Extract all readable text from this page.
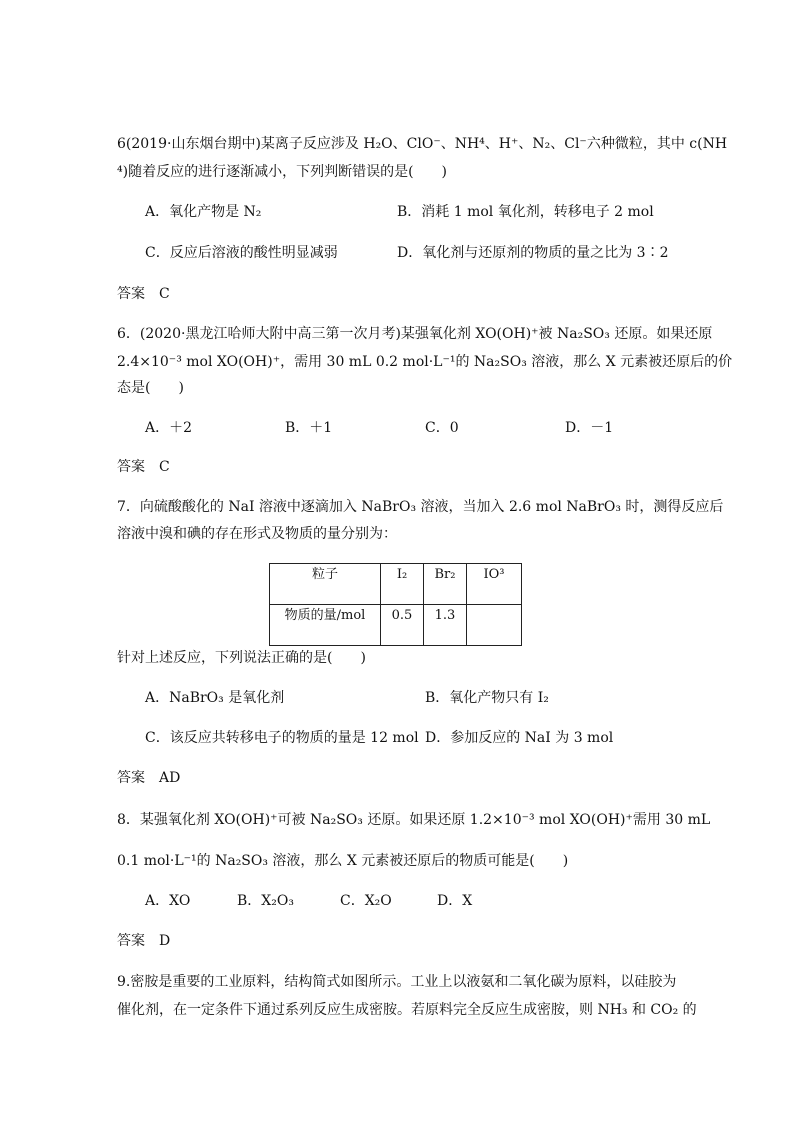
6(2019·山东烟台期中)某离子反应涉及 H₂O、ClO⁻、NH⁴、H⁺、N₂、Cl⁻六种微粒，其中 c(NH
⁴)随着反应的进行逐渐减小，下列判断错误的是(　　)
A．氧化产物是 N₂	B．消耗 1 mol 氧化剂，转移电子 2 mol
C．反应后溶液的酸性明显减弱	D．氧化剂与还原剂的物质的量之比为 3∶2
答案　C
6．(2020·黑龙江哈师大附中高三第一次月考)某强氧化剂 XO(OH)⁺被 Na₂SO₃ 还原。如果还原
2.4×10⁻³ mol XO(OH)⁺，需用 30 mL 0.2 mol·L⁻¹的 Na₂SO₃ 溶液，那么 X 元素被还原后的价
态是(　　)
A．＋2	B．＋1	C．0	D．－1
答案　C
7．向硫酸酸化的 NaI 溶液中逐滴加入 NaBrO₃ 溶液，当加入 2.6 mol NaBrO₃ 时，测得反应后
溶液中溴和碘的存在形式及物质的量分别为：
粒子	I₂	Br₂	IO³
物质的量/mol	0.5	1.3	
针对上述反应，下列说法正确的是(　　)
A．NaBrO₃ 是氧化剂	B．氧化产物只有 I₂
C．该反应共转移电子的物质的量是 12 mol D．参加反应的 NaI 为 3 mol
答案　AD
8．某强氧化剂 XO(OH)⁺可被 Na₂SO₃ 还原。如果还原 1.2×10⁻³ mol XO(OH)⁺需用 30 mL
0.1 mol·L⁻¹的 Na₂SO₃ 溶液，那么 X 元素被还原后的物质可能是(　　)
A．XO	B．X₂O₃	C．X₂O	D．X
答案　D
9.密胺是重要的工业原料，结构简式如图所示。工业上以液氨和二氧化碳为原料，以硅胶为
催化剂，在一定条件下通过系列反应生成密胺。若原料完全反应生成密胺，则 NH₃ 和 CO₂ 的
